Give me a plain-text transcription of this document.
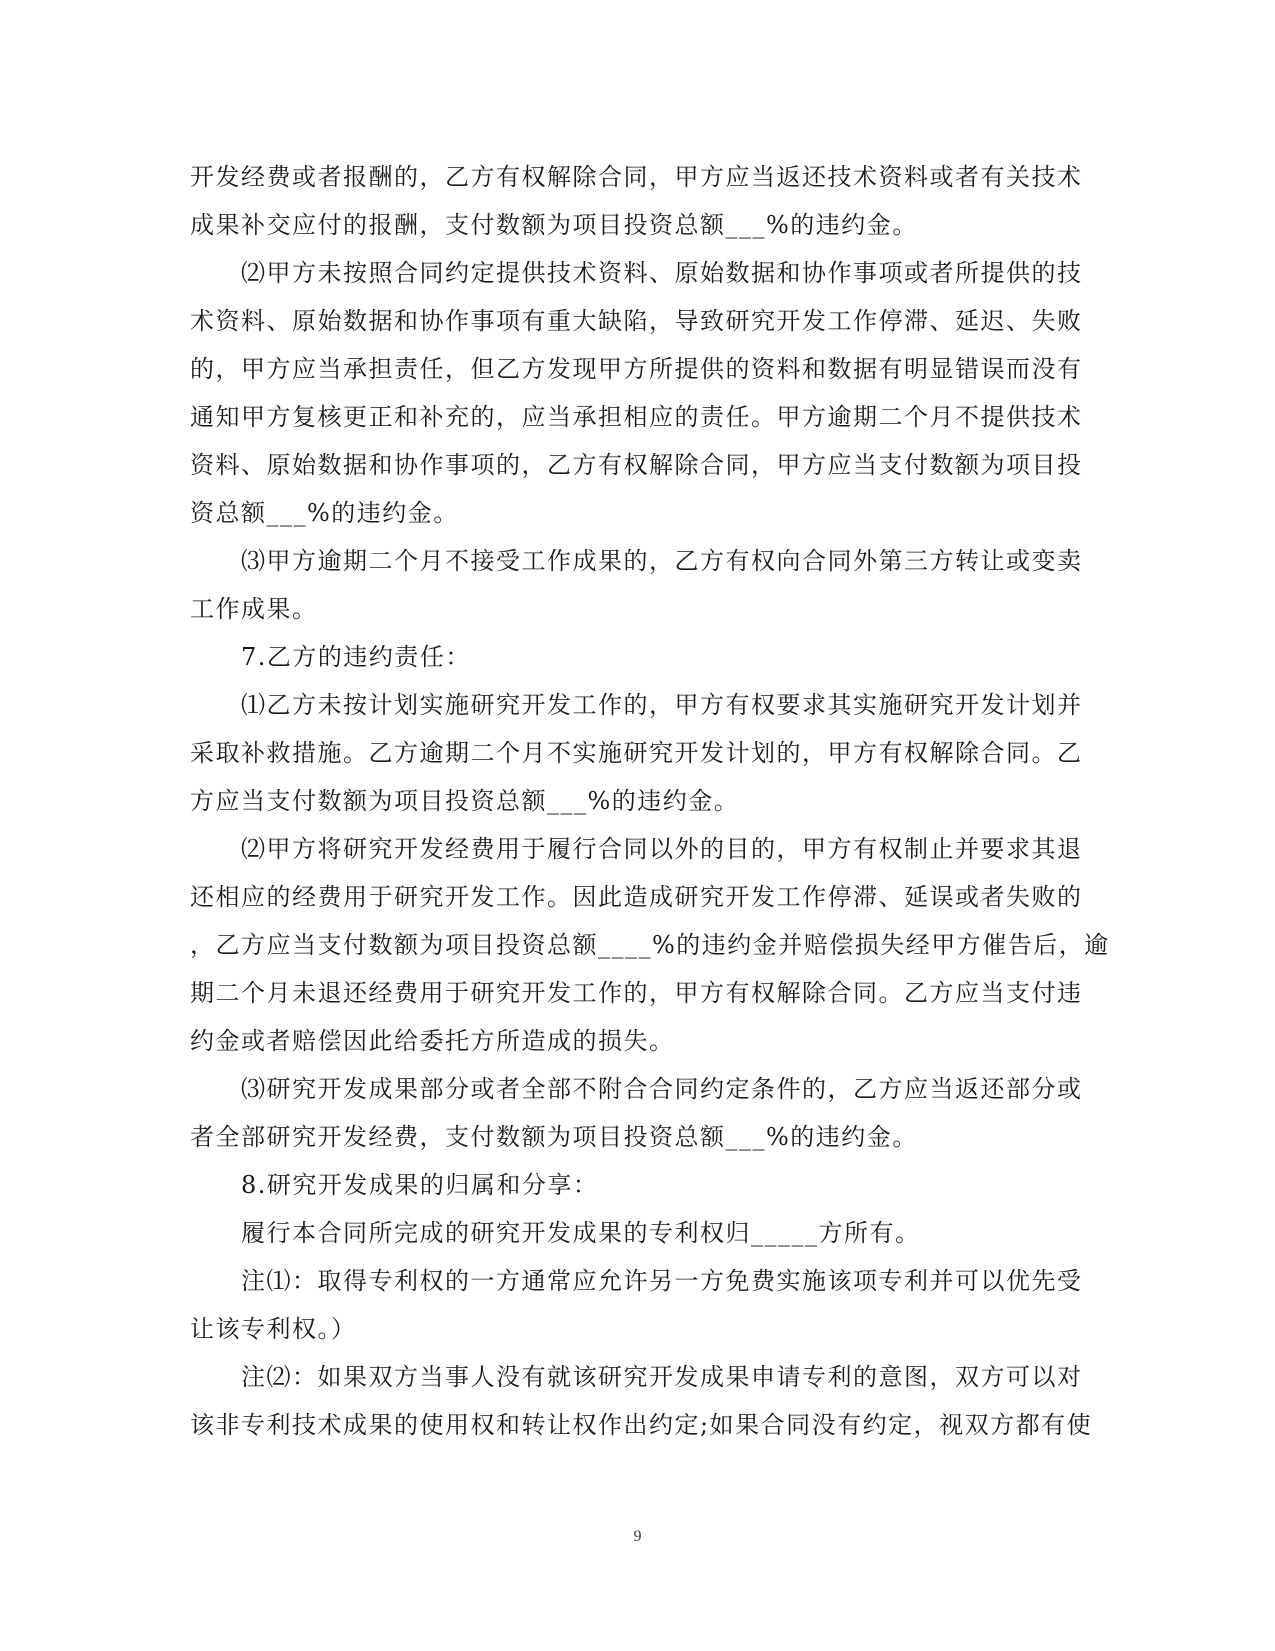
开发经费或者报酬的，乙方有权解除合同，甲方应当返还技术资料或者有关技术
成果补交应付的报酬，支付数额为项目投资总额___%的违约金。
⑵甲方未按照合同约定提供技术资料、原始数据和协作事项或者所提供的技
术资料、原始数据和协作事项有重大缺陷，导致研究开发工作停滞、延迟、失败
的，甲方应当承担责任，但乙方发现甲方所提供的资料和数据有明显错误而没有
通知甲方复核更正和补充的，应当承担相应的责任。甲方逾期二个月不提供技术
资料、原始数据和协作事项的，乙方有权解除合同，甲方应当支付数额为项目投
资总额___%的违约金。
⑶甲方逾期二个月不接受工作成果的，乙方有权向合同外第三方转让或变卖
工作成果。
7.乙方的违约责任：
⑴乙方未按计划实施研究开发工作的，甲方有权要求其实施研究开发计划并
采取补救措施。乙方逾期二个月不实施研究开发计划的，甲方有权解除合同。乙
方应当支付数额为项目投资总额___%的违约金。
⑵甲方将研究开发经费用于履行合同以外的目的，甲方有权制止并要求其退
还相应的经费用于研究开发工作。因此造成研究开发工作停滞、延误或者失败的
，乙方应当支付数额为项目投资总额____%的违约金并赔偿损失经甲方催告后，逾
期二个月未退还经费用于研究开发工作的，甲方有权解除合同。乙方应当支付违
约金或者赔偿因此给委托方所造成的损失。
⑶研究开发成果部分或者全部不附合合同约定条件的，乙方应当返还部分或
者全部研究开发经费，支付数额为项目投资总额___%的违约金。
8.研究开发成果的归属和分享：
履行本合同所完成的研究开发成果的专利权归_____方所有。
注⑴：取得专利权的一方通常应允许另一方免费实施该项专利并可以优先受
让该专利权。）
注⑵：如果双方当事人没有就该研究开发成果申请专利的意图，双方可以对
该非专利技术成果的使用权和转让权作出约定;如果合同没有约定，视双方都有使
9
